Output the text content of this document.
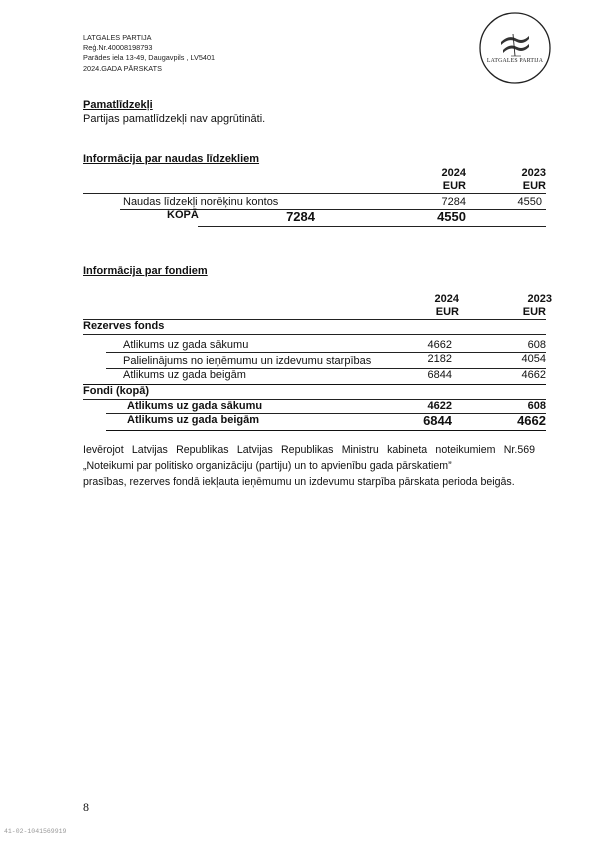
LATGALES PARTIJA
Reģ.Nr.40008198793
Parādes iela 13-49, Daugavpils , LV5401
2024.GADA PĀRSKATS
LATGALES PARTIJA
Pamatlīdzekļi
Partijas pamatlīdzekļi nav apgrūtināti.
Informācija par naudas līdzekliem
2024	2023
EUR	EUR
Naudas līdzekļi norēķinu kontos	7284	4550
KOPĀ	7284	4550
Informācija par fondiem
2024	2023
EUR	EUR
Rezerves fonds
Atlikums uz gada sākumu	4662	608
Palielinājums no ieņēmumu un izdevumu starpības	2182	4054
Atlikums uz gada beigām	6844	4662
Fondi (kopā)
Atlikums uz gada sākumu	4622	608
Atlikums uz gada beigām	6844	4662
Ievērojot Latvijas Republikas Latvijas Republikas Ministru kabineta noteikumiem Nr.569
„Noteikumi par politisko organizāciju (partiju) un to apvienību gada pārskatiem”
prasības, rezerves fondā iekļauta ieņēmumu un izdevumu starpība pārskata perioda beigās.
8
41-02-1041569919
